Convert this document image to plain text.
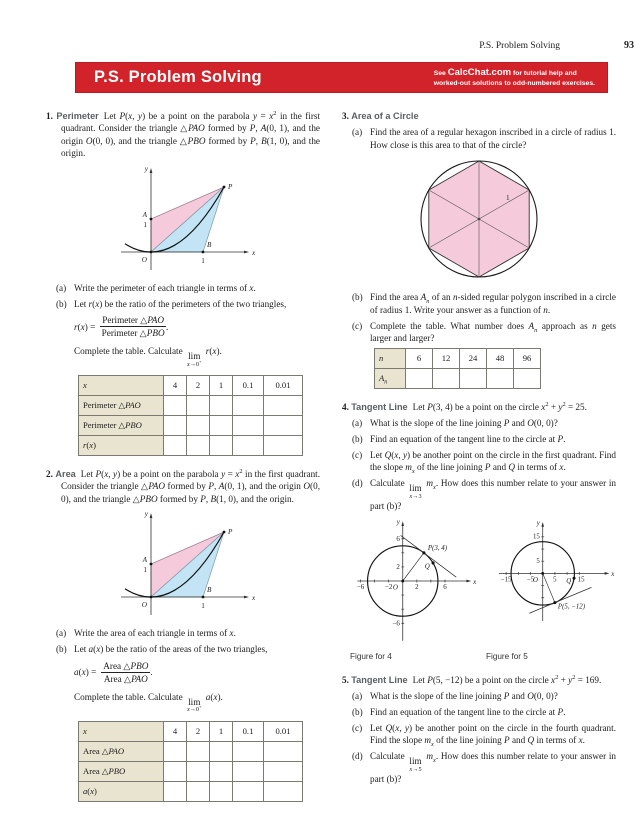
P.S. Problem Solving	93
P.S. Problem Solving	See CalcChat.com for tutorial help and
worked-out solutions to odd-numbered exercises.

1. Perimeter Let P(x, y) be a point on the parabola $y = x^2$ in the first quadrant. Consider the triangle △PAO formed by P, A(0, 1), and the origin O(0, 0), and the triangle △PBO formed by P, B(1, 0), and the origin.

y
x
A
1
B
1
O
P
(a) Write the perimeter of each triangle in terms of x.
(b) Let r(x) be the ratio of the perimeters of the two triangles,
$r(x) = \frac{\text{Perimeter △PAO}}{\text{Perimeter △PBO}}$ .
Complete the table. Calculate lim
x→0+
r(x).
x	4	2	1	0.1	0.01
Perimeter △PAO					
Perimeter △PBO					
r(x)					

2. Area Let P(x, y) be a point on the parabola $y = x^2$ in the first quadrant. Consider the triangle △PAO formed by P, A(0, 1), and the origin O(0, 0), and the triangle △PBO formed by P, B(1, 0), and the origin.

y
x
A
1
B
1
O
P
(a) Write the area of each triangle in terms of x.
(b) Let a(x) be the ratio of the areas of the two triangles,
$a(x) = \frac{\text{Area △PBO}}{\text{Area △PAO}}$ .
Complete the table. Calculate lim
x→0+
a(x).
x	4	2	1	0.1	0.01
Area △PAO					
Area △PBO					
a(x)					

3. Area of a Circle

(a) Find the area of a regular hexagon inscribed in a circle of radius 1. How close is this area to that of the circle?
1
(b) Find the area $A_n$ of an n-sided regular polygon inscribed in a circle of radius 1. Write your answer as a function of n.
(c) Complete the table. What number does $A_n$ approach as n gets larger and larger?
n	6	12	24	48	96
$A_n$					

4. Tangent Line Let P(3, 4) be a point on the circle $x^2 + y^2 = 25$.

(a) What is the slope of the line joining P and O(0, 0)?
(b) Find an equation of the tangent line to the circle at P.
(c) Let Q(x, y) be another point on the circle in the first quadrant. Find the slope $m_x$ of the line joining P and Q in terms of x.
(d) Calculate lim
x→3
$m_x$. How does this number relate to your answer in part (b)?
y
x
P(3, 4)
Q
O
−6	−2	2	6
6
2
−6
Figure for 4
y
x
P(5, −12)
Q
O
−15 −5	5	15
15
5
Figure for 5

5. Tangent Line Let P(5, −12) be a point on the circle $x^2 + y^2 = 169$.

(a) What is the slope of the line joining P and O(0, 0)?
(b) Find an equation of the tangent line to the circle at P.
(c) Let Q(x, y) be another point on the circle in the fourth quadrant. Find the slope $m_x$ of the line joining P and Q in terms of x.
(d) Calculate lim
x→5
$m_x$. How does this number relate to your answer in part (b)?
